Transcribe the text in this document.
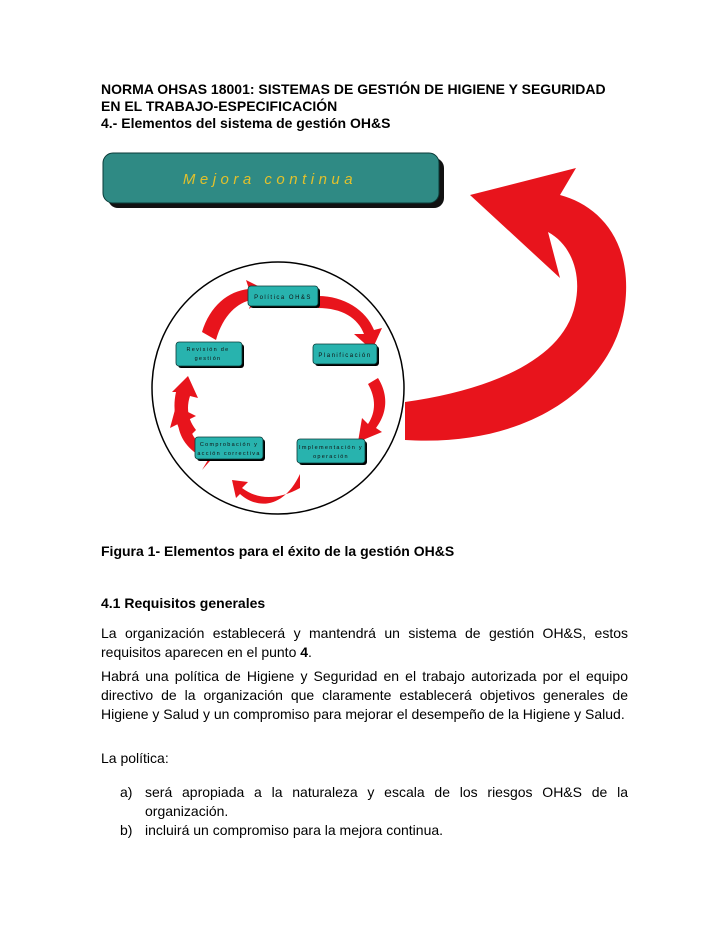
NORMA OHSAS 18001: SISTEMAS DE GESTIÓN DE HIGIENE Y SEGURIDAD
EN EL TRABAJO-ESPECIFICACIÓN
4.- Elementos del sistema de gestión OH&S
Mejora continua
Política OH&S
Planificación
Revisión de
gestión
Comprobación y
acción correctiva
Implementación y
operación
Figura 1- Elementos para el éxito de la gestión OH&S
4.1 Requisitos generales
La organización establecerá y mantendrá un sistema de gestión OH&S, estos requisitos aparecen en el punto 4.
Habrá una política de Higiene y Seguridad en el trabajo autorizada por el equipo directivo de la organización que claramente establecerá objetivos generales de Higiene y Salud y un compromiso para mejorar el desempeño de la Higiene y Salud.
La política:
a) será apropiada a la naturaleza y escala de los riesgos OH&S de la organización.
b) incluirá un compromiso para la mejora continua.
